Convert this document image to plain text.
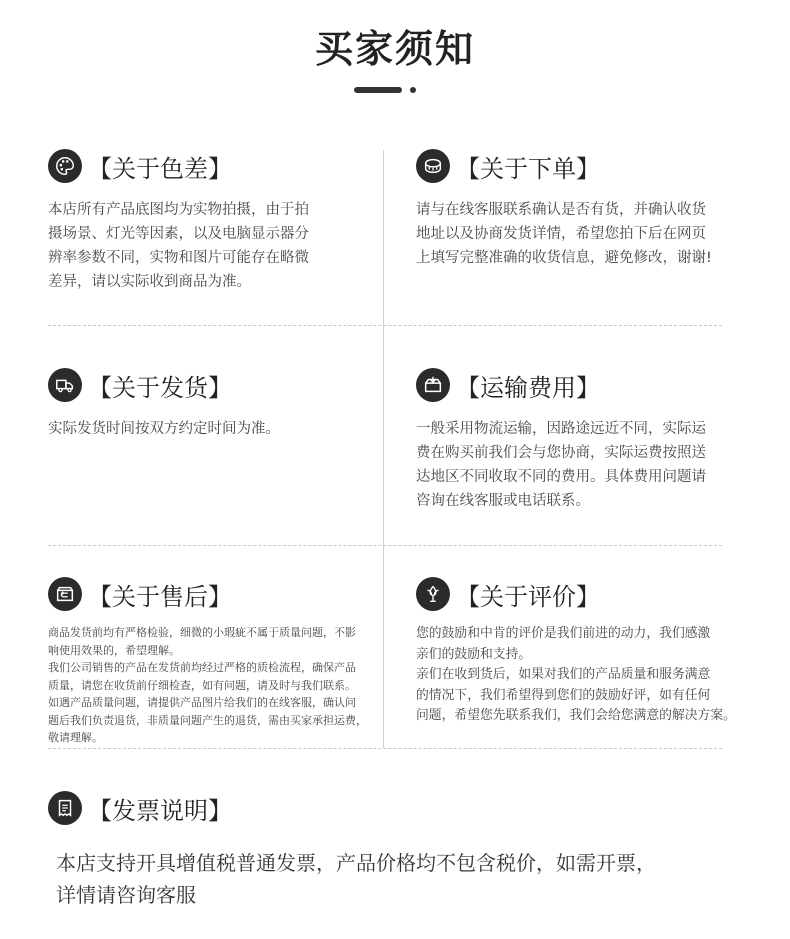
买家须知
【关于色差】
本店所有产品底图均为实物拍摄，由于拍
摄场景、灯光等因素，以及电脑显示器分
辨率参数不同，实物和图片可能存在略微
差异，请以实际收到商品为准。
【关于下单】
请与在线客服联系确认是否有货，并确认收货
地址以及协商发货详情，希望您拍下后在网页
上填写完整准确的收货信息，避免修改，谢谢!
【关于发货】
实际发货时间按双方约定时间为准。
【运输费用】
一般采用物流运输，因路途远近不同，实际运
费在购买前我们会与您协商，实际运费按照送
达地区不同收取不同的费用。具体费用问题请
咨询在线客服或电话联系。
【关于售后】
商品发货前均有严格检验，细微的小瑕疵不属于质量问题，不影
响使用效果的，希望理解。
我们公司销售的产品在发货前均经过严格的质检流程，确保产品
质量，请您在收货前仔细检查，如有问题，请及时与我们联系。
如遇产品质量问题，请提供产品图片给我们的在线客服，确认问
题后我们负责退货，非质量问题产生的退货，需由买家承担运费，
敬请理解。
【关于评价】
您的鼓励和中肯的评价是我们前进的动力，我们感激
亲们的鼓励和支持。
亲们在收到货后，如果对我们的产品质量和服务满意
的情况下，我们希望得到您们的鼓励好评，如有任何
问题，希望您先联系我们，我们会给您满意的解决方案。
【发票说明】
本店支持开具增值税普通发票，产品价格均不包含税价，如需开票，
详情请咨询客服
